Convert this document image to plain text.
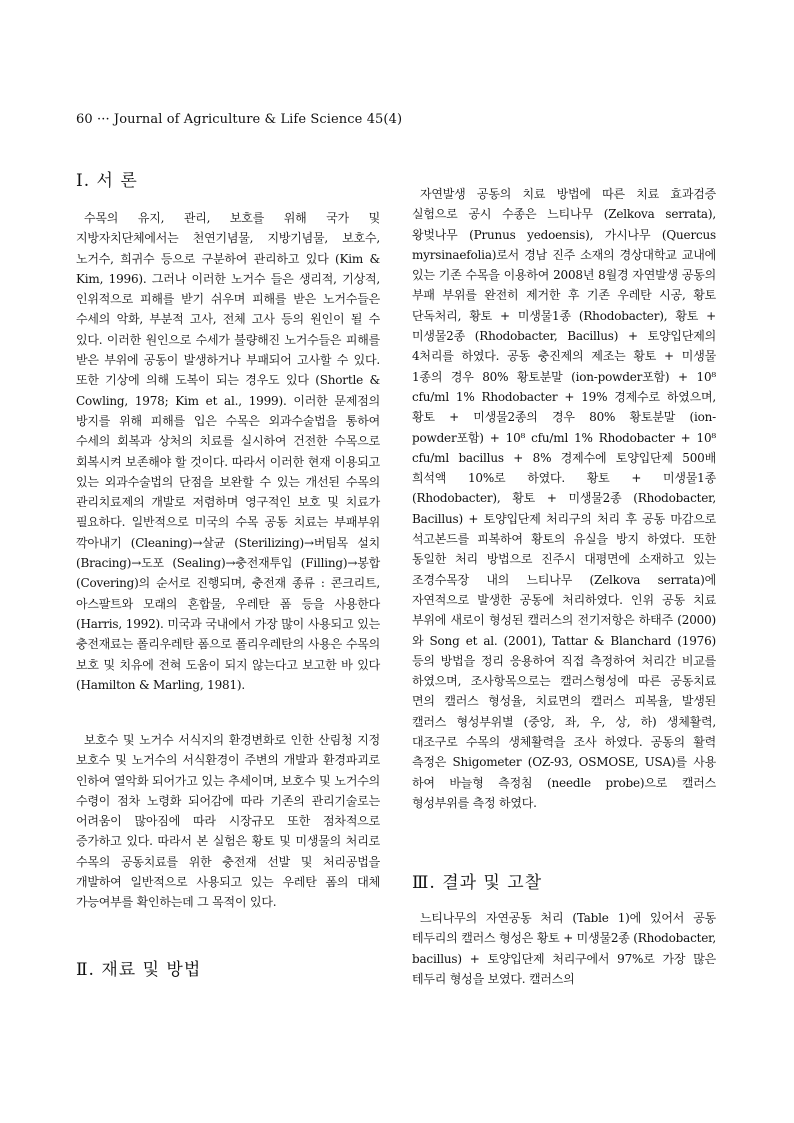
60 ··· Journal of Agriculture & Life Science 45(4)
Ⅰ. 서 론

수목의 유지, 관리, 보호를 위해 국가 및 지방자치단체에서는 천연기념물, 지방기념물, 보호수, 노거수, 희귀수 등으로 구분하여 관리하고 있다 (Kim & Kim, 1996). 그러나 이러한 노거수 들은 생리적, 기상적, 인위적으로 피해를 받기 쉬우며 피해를 받은 노거수들은 수세의 악화, 부분적 고사, 전체 고사 등의 원인이 될 수 있다. 이러한 원인으로 수세가 불량해진 노거수들은 피해를 받은 부위에 공동이 발생하거나 부패되어 고사할 수 있다. 또한 기상에 의해 도복이 되는 경우도 있다 (Shortle & Cowling, 1978; Kim et al., 1999). 이러한 문제점의 방지를 위해 피해를 입은 수목은 외과수술법을 통하여 수세의 회복과 상처의 치료를 실시하여 건전한 수목으로 회복시켜 보존해야 할 것이다. 따라서 이러한 현재 이용되고 있는 외과수술법의 단점을 보완할 수 있는 개선된 수목의 관리치료제의 개발로 저렴하며 영구적인 보호 및 치료가 필요하다. 일반적으로 미국의 수목 공동 치료는 부패부위 깍아내기 (Cleaning)→살균 (Sterilizing)→버팀목 설치 (Bracing)→도포 (Sealing)→충전재투입 (Filling)→봉합 (Covering)의 순서로 진행되며, 충전재 종류 : 콘크리트, 아스팔트와 모래의 혼합물, 우레탄 폼 등을 사용한다 (Harris, 1992). 미국과 국내에서 가장 많이 사용되고 있는 충전재료는 폴리우레탄 폼으로 폴리우레탄의 사용은 수목의 보호 및 치유에 전혀 도움이 되지 않는다고 보고한 바 있다 (Hamilton & Marling, 1981).

보호수 및 노거수 서식지의 환경변화로 인한 산림청 지정 보호수 및 노거수의 서식환경이 주변의 개발과 환경파괴로 인하여 열악화 되어가고 있는 추세이며, 보호수 및 노거수의 수령이 점차 노령화 되어감에 따라 기존의 관리기술로는 어려움이 많아짐에 따라 시장규모 또한 점차적으로 증가하고 있다. 따라서 본 실험은 황토 및 미생물의 처리로 수목의 공동치료를 위한 충전재 선발 및 처리공법을 개발하여 일반적으로 사용되고 있는 우레탄 폼의 대체 가능여부를 확인하는데 그 목적이 있다.

Ⅱ. 재료 및 방법

자연발생 공동의 치료 방법에 따른 치료 효과검증 실험으로 공시 수종은 느티나무 (Zelkova serrata), 왕벚나무 (Prunus yedoensis), 가시나무 (Quercus myrsinaefolia)로서 경남 진주 소재의 경상대학교 교내에 있는 기존 수목을 이용하여 2008년 8월경 자연발생 공동의 부패 부위를 완전히 제거한 후 기존 우레탄 시공, 황토 단독처리, 황토 + 미생물1종 (Rhodobacter), 황토 + 미생물2종 (Rhodobacter, Bacillus) + 토양입단제의 4처리를 하였다. 공동 충진제의 제조는 황토 + 미생물 1종의 경우 80% 황토분말 (ion-powder포함) + 10⁸ cfu/ml 1% Rhodobacter + 19% 경제수로 하였으며, 황토 + 미생물2종의 경우 80% 황토분말 (ion-powder포함) + 10⁸ cfu/ml 1% Rhodobacter + 10⁸ cfu/ml bacillus + 8% 경제수에 토양입단제 500배 희석액 10%로 하였다. 황토 + 미생물1종 (Rhodobacter), 황토 + 미생물2종 (Rhodobacter, Bacillus) + 토양입단제 처리구의 처리 후 공동 마감으로 석고본드를 피복하여 황토의 유실을 방지 하였다. 또한 동일한 처리 방법으로 진주시 대평면에 소재하고 있는 조경수목장 내의 느티나무 (Zelkova serrata)에 자연적으로 발생한 공동에 처리하였다. 인위 공동 치료 부위에 새로이 형성된 캘러스의 전기저항은 하태주 (2000)와 Song et al. (2001), Tattar & Blanchard (1976) 등의 방법을 정리 응용하여 직접 측정하여 처리간 비교를 하였으며, 조사항목으로는 캘러스형성에 따른 공동치료 면의 캘러스 형성율, 치료면의 캘러스 피복율, 발생된 캘러스 형성부위별 (중앙, 좌, 우, 상, 하) 생체활력, 대조구로 수목의 생체활력을 조사 하였다. 공동의 활력 측정은 Shigometer (OZ-93, OSMOSE, USA)를 사용 하여 바늘형 측정침 (needle probe)으로 캘러스 형성부위를 측정 하였다.

Ⅲ. 결과 및 고찰

느티나무의 자연공동 처리 (Table 1)에 있어서 공동 테두리의 캘러스 형성은 황토 + 미생물2종 (Rhodobacter, bacillus) + 토양입단제 처리구에서 97%로 가장 많은 테두리 형성을 보였다. 캘러스의
